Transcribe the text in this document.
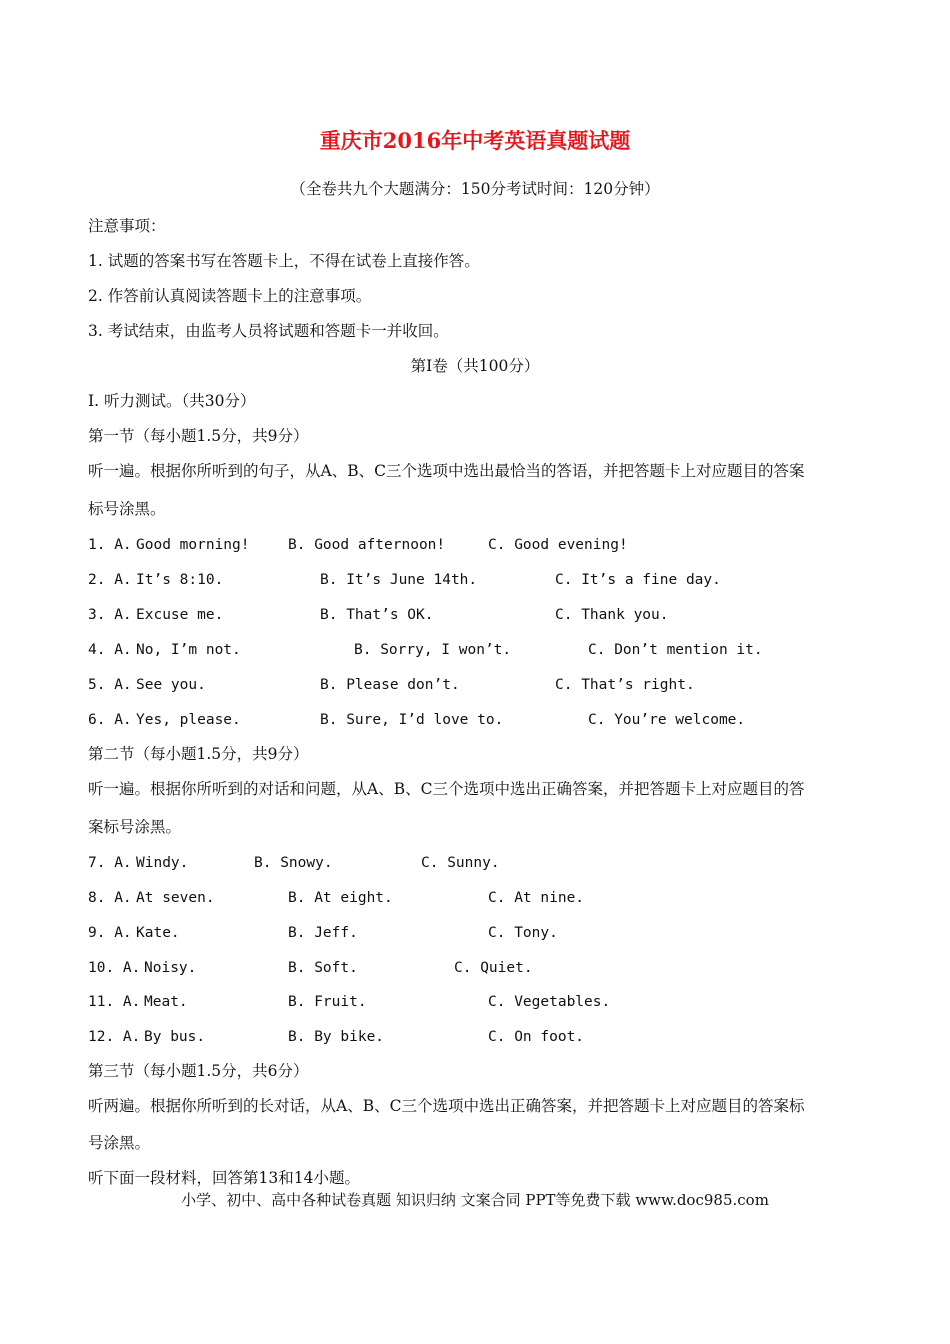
重庆市2016年中考英语真题试题
（全卷共九个大题满分：150分考试时间：120分钟）
注意事项：
1. 试题的答案书写在答题卡上，不得在试卷上直接作答。
2. 作答前认真阅读答题卡上的注意事项。
3. 考试结束，由监考人员将试题和答题卡一并收回。
第I卷（共100分）
I. 听力测试。（共30分）
第一节（每小题1.5分，共9分）
听一遍。根据你所听到的句子，从A、B、C三个选项中选出最恰当的答语，并把答题卡上对应题目的答案
标号涂黑。
1. A. Good morning!	B. Good afternoon!	C. Good evening!
2. A. It’s 8:10.	B. It’s June 14th.	C. It’s a fine day.
3. A. Excuse me.	B. That’s OK.	C. Thank you.
4. A. No, I’m not.	B. Sorry, I won’t.	C. Don’t mention it.
5. A. See you.	B. Please don’t.	C. That’s right.
6. A. Yes, please.	B. Sure, I’d love to.	C. You’re welcome.
第二节（每小题1.5分，共9分）
听一遍。根据你所听到的对话和问题，从A、B、C三个选项中选出正确答案，并把答题卡上对应题目的答
案标号涂黑。
7. A. Windy.	B. Snowy.	C. Sunny.
8. A. At seven.	B. At eight.	C. At nine.
9. A. Kate.	B. Jeff.	C. Tony.
10. A. Noisy.	B. Soft.	C. Quiet.
11. A. Meat.	B. Fruit.	C. Vegetables.
12. A. By bus.	B. By bike.	C. On foot.
第三节（每小题1.5分，共6分）
听两遍。根据你所听到的长对话，从A、B、C三个选项中选出正确答案，并把答题卡上对应题目的答案标
号涂黑。
听下面一段材料，回答第13和14小题。
小学、初中、高中各种试卷真题 知识归纳 文案合同 PPT等免费下载 www.doc985.com
